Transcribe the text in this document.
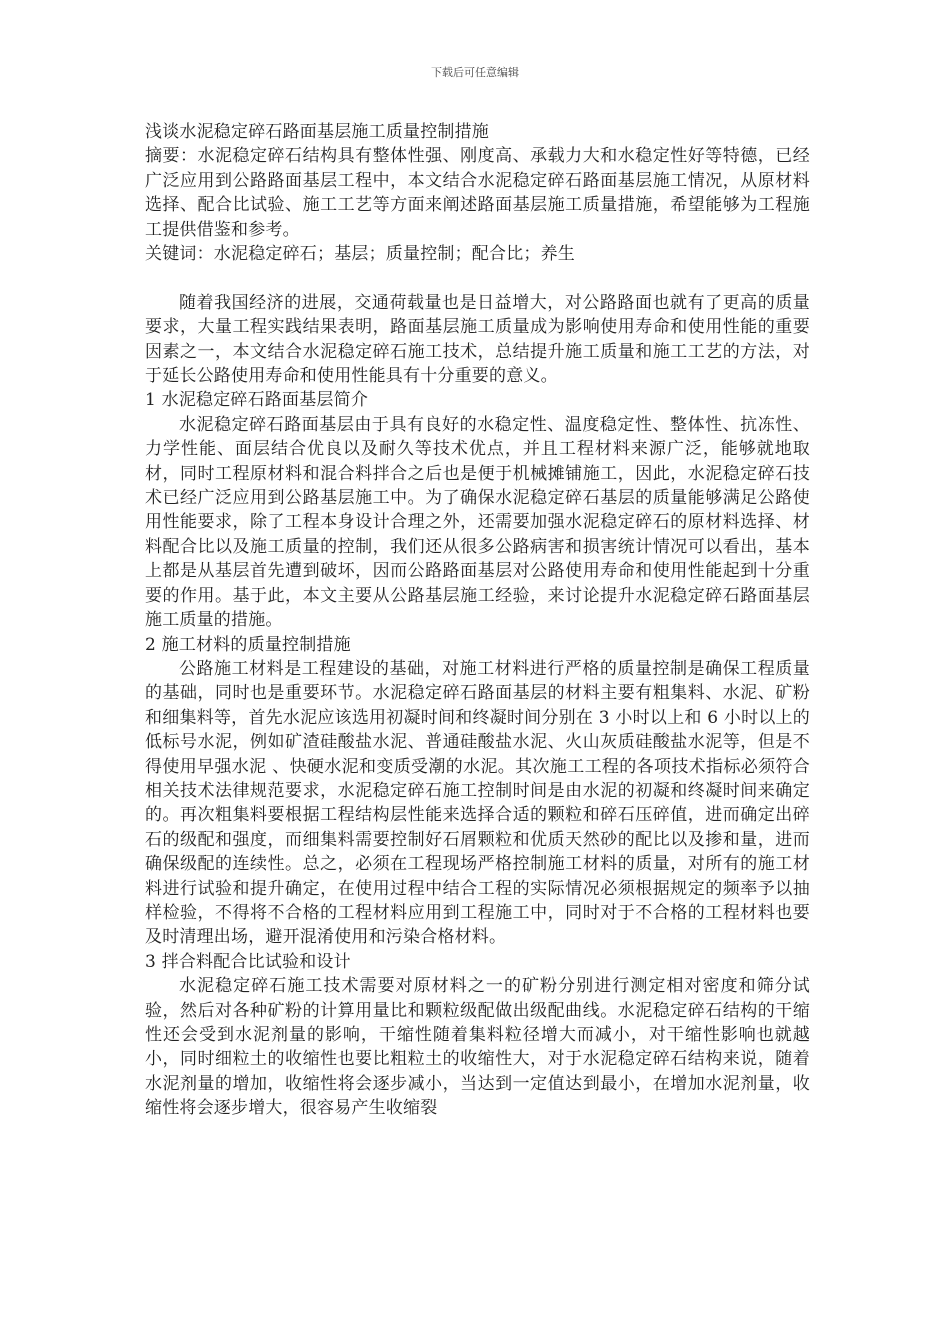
下载后可任意编辑

浅谈水泥稳定碎石路面基层施工质量控制措施

摘要：水泥稳定碎石结构具有整体性强、刚度高、承载力大和水稳定性好等特德，已经广泛应用到公路路面基层工程中，本文结合水泥稳定碎石路面基层施工情况，从原材料选择、配合比试验、施工工艺等方面来阐述路面基层施工质量措施，希望能够为工程施工提供借鉴和参考。

关键词：水泥稳定碎石；基层；质量控制；配合比；养生

随着我国经济的进展，交通荷载量也是日益增大，对公路路面也就有了更高的质量要求，大量工程实践结果表明，路面基层施工质量成为影响使用寿命和使用性能的重要因素之一，本文结合水泥稳定碎石施工技术，总结提升施工质量和施工工艺的方法，对于延长公路使用寿命和使用性能具有十分重要的意义。

1 水泥稳定碎石路面基层简介

水泥稳定碎石路面基层由于具有良好的水稳定性、温度稳定性、整体性、抗冻性、力学性能、面层结合优良以及耐久等技术优点，并且工程材料来源广泛，能够就地取材，同时工程原材料和混合料拌合之后也是便于机械摊铺施工，因此，水泥稳定碎石技术已经广泛应用到公路基层施工中。为了确保水泥稳定碎石基层的质量能够满足公路使用性能要求，除了工程本身设计合理之外，还需要加强水泥稳定碎石的原材料选择、材料配合比以及施工质量的控制，我们还从很多公路病害和损害统计情况可以看出，基本上都是从基层首先遭到破坏，因而公路路面基层对公路使用寿命和使用性能起到十分重要的作用。基于此，本文主要从公路基层施工经验，来讨论提升水泥稳定碎石路面基层施工质量的措施。

2 施工材料的质量控制措施

公路施工材料是工程建设的基础，对施工材料进行严格的质量控制是确保工程质量的基础，同时也是重要环节。水泥稳定碎石路面基层的材料主要有粗集料、水泥、矿粉和细集料等，首先水泥应该选用初凝时间和终凝时间分别在 3 小时以上和 6 小时以上的低标号水泥，例如矿渣硅酸盐水泥、普通硅酸盐水泥、火山灰质硅酸盐水泥等，但是不得使用早强水泥 、快硬水泥和变质受潮的水泥。其次施工工程的各项技术指标必须符合相关技术法律规范要求，水泥稳定碎石施工控制时间是由水泥的初凝和终凝时间来确定的。再次粗集料要根据工程结构层性能来选择合适的颗粒和碎石压碎值，进而确定出碎石的级配和强度，而细集料需要控制好石屑颗粒和优质天然砂的配比以及掺和量，进而确保级配的连续性。总之，必须在工程现场严格控制施工材料的质量，对所有的施工材料进行试验和提升确定，在使用过程中结合工程的实际情况必须根据规定的频率予以抽样检验，不得将不合格的工程材料应用到工程施工中，同时对于不合格的工程材料也要及时清理出场，避开混淆使用和污染合格材料。

3 拌合料配合比试验和设计

水泥稳定碎石施工技术需要对原材料之一的矿粉分别进行测定相对密度和筛分试验，然后对各种矿粉的计算用量比和颗粒级配做出级配曲线。水泥稳定碎石结构的干缩性还会受到水泥剂量的影响，干缩性随着集料粒径增大而减小，对干缩性影响也就越小，同时细粒土的收缩性也要比粗粒土的收缩性大，对于水泥稳定碎石结构来说，随着水泥剂量的增加，收缩性将会逐步减小，当达到一定值达到最小，在增加水泥剂量，收缩性将会逐步增大，很容易产生收缩裂
